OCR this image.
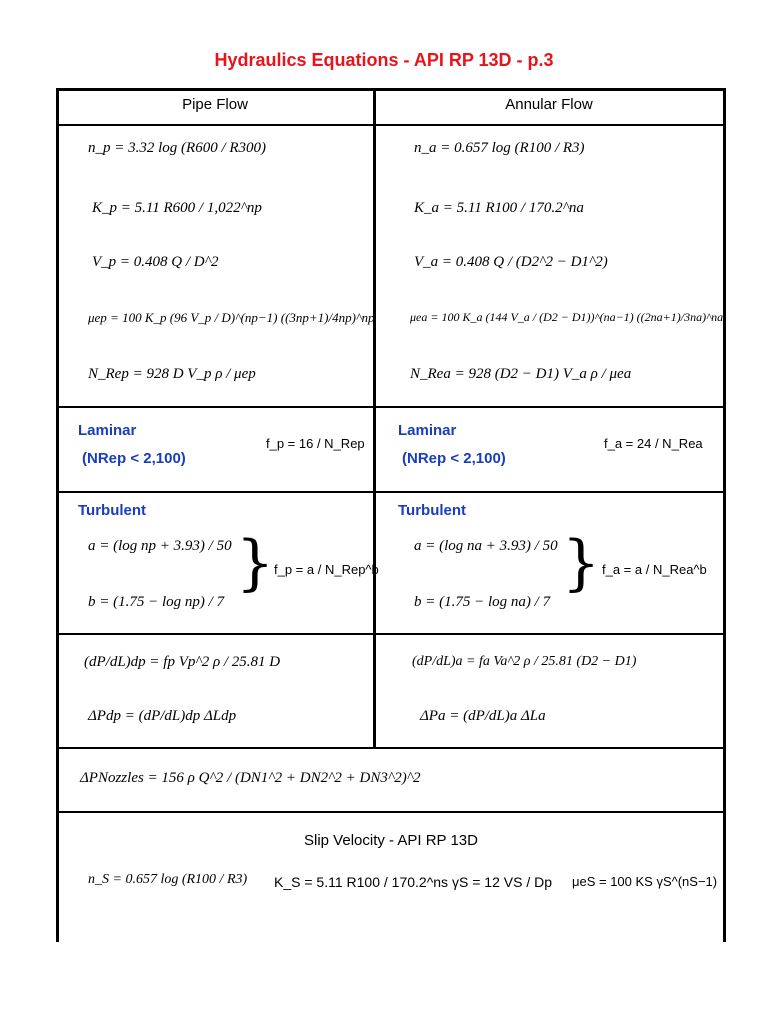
Hydraulics Equations - API RP 13D - p.3
Pipe Flow	Annular Flow
n_p = 3.32 log (R600 / R300)
K_p = 5.11 R600 / 1,022^np
V_p = 0.408 Q / D^2
μep = 100 K_p (96 V_p / D)^(np−1) ((3np+1)/4np)^np
N_Rep = 928 D V_p ρ / μep
n_a = 0.657 log (R100 / R3)
K_a = 5.11 R100 / 170.2^na
V_a = 0.408 Q / (D2^2 − D1^2)
μea = 100 K_a (144 V_a / (D2 − D1))^(na−1) ((2na+1)/3na)^na
N_Rea = 928 (D2 − D1) V_a ρ / μea
Laminar
(NRep < 2,100)
f_p = 16 / N_Rep
Laminar
(NRep < 2,100)
f_a = 24 / N_Rea
Turbulent
a = (log np + 3.93) / 50
b = (1.75 − log np) / 7
} f_p = a / N_Rep^b
Turbulent
a = (log na + 3.93) / 50
b = (1.75 − log na) / 7
} f_a = a / N_Rea^b
(dP/dL)dp = fp Vp^2 ρ / 25.81 D
ΔPdp = (dP/dL)dp ΔLdp
(dP/dL)a = fa Va^2 ρ / 25.81 (D2 − D1)
ΔPa = (dP/dL)a ΔLa
ΔPNozzles = 156 ρ Q^2 / (DN1^2 + DN2^2 + DN3^2)^2
Slip Velocity - API RP 13D
n_S = 0.657 log (R100 / R3) K_S = 5.11 R100 / 170.2^ns γS = 12 VS / Dp μeS = 100 KS γS^(nS−1)
